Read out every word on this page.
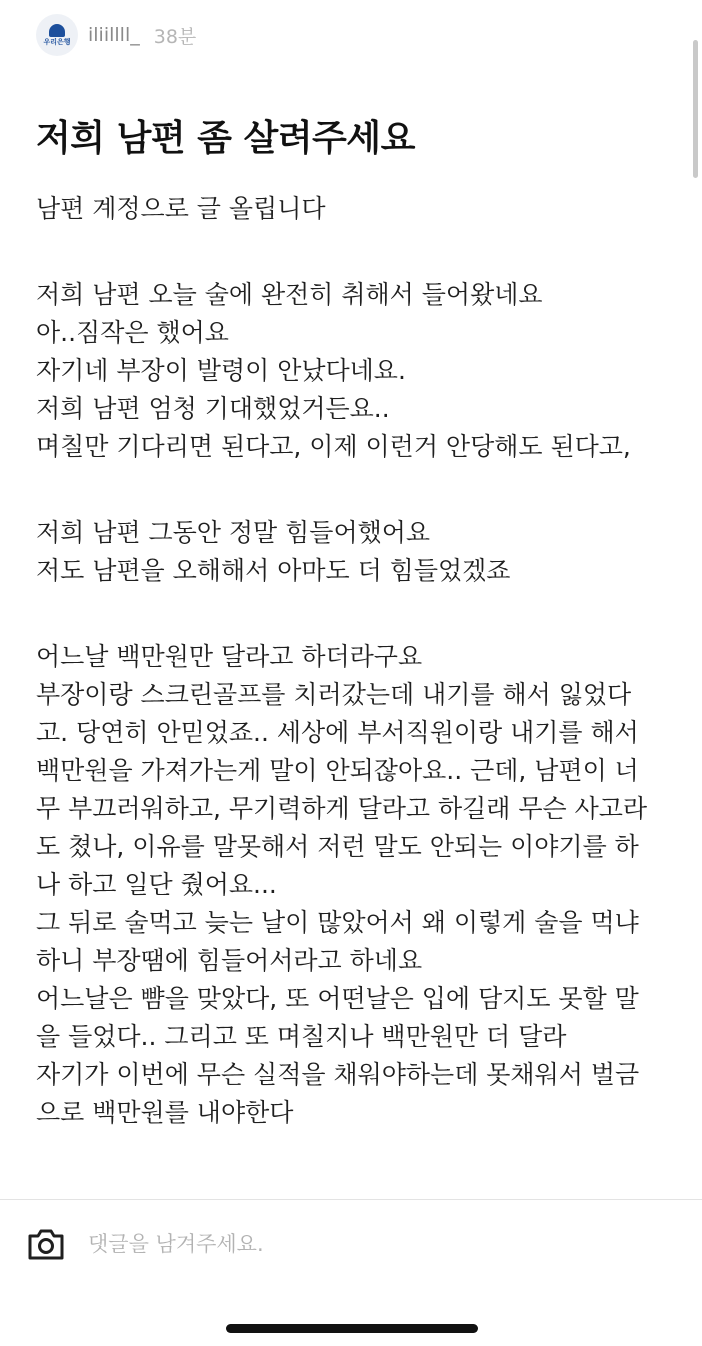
우리은행 iliillll_ 38분
저희 남편 좀 살려주세요
남편 계정으로 글 올립니다
저희 남편 오늘 술에 완전히 취해서 들어왔네요
아..짐작은 했어요
자기네 부장이 발령이 안났다네요.
저희 남편 엄청 기대했었거든요..
며칠만 기다리면 된다고, 이제 이런거 안당해도 된다고,
저희 남편 그동안 정말 힘들어했어요
저도 남편을 오해해서 아마도 더 힘들었겠죠
어느날 백만원만 달라고 하더라구요
부장이랑 스크린골프를 치러갔는데 내기를 해서 잃었다
고. 당연히 안믿었죠.. 세상에 부서직원이랑 내기를 해서
백만원을 가져가는게 말이 안되잖아요.. 근데, 남편이 너
무 부끄러워하고, 무기력하게 달라고 하길래 무슨 사고라
도 쳤나, 이유를 말못해서 저런 말도 안되는 이야기를 하
나 하고 일단 줬어요...
그 뒤로 술먹고 늦는 날이 많았어서 왜 이렇게 술을 먹냐
하니 부장땜에 힘들어서라고 하네요
어느날은 뺨을 맞았다, 또 어떤날은 입에 담지도 못할 말
을 들었다.. 그리고 또 며칠지나 백만원만 더 달라
자기가 이번에 무슨 실적을 채워야하는데 못채워서 벌금
으로 백만원를 내야한다
댓글을 남겨주세요.
